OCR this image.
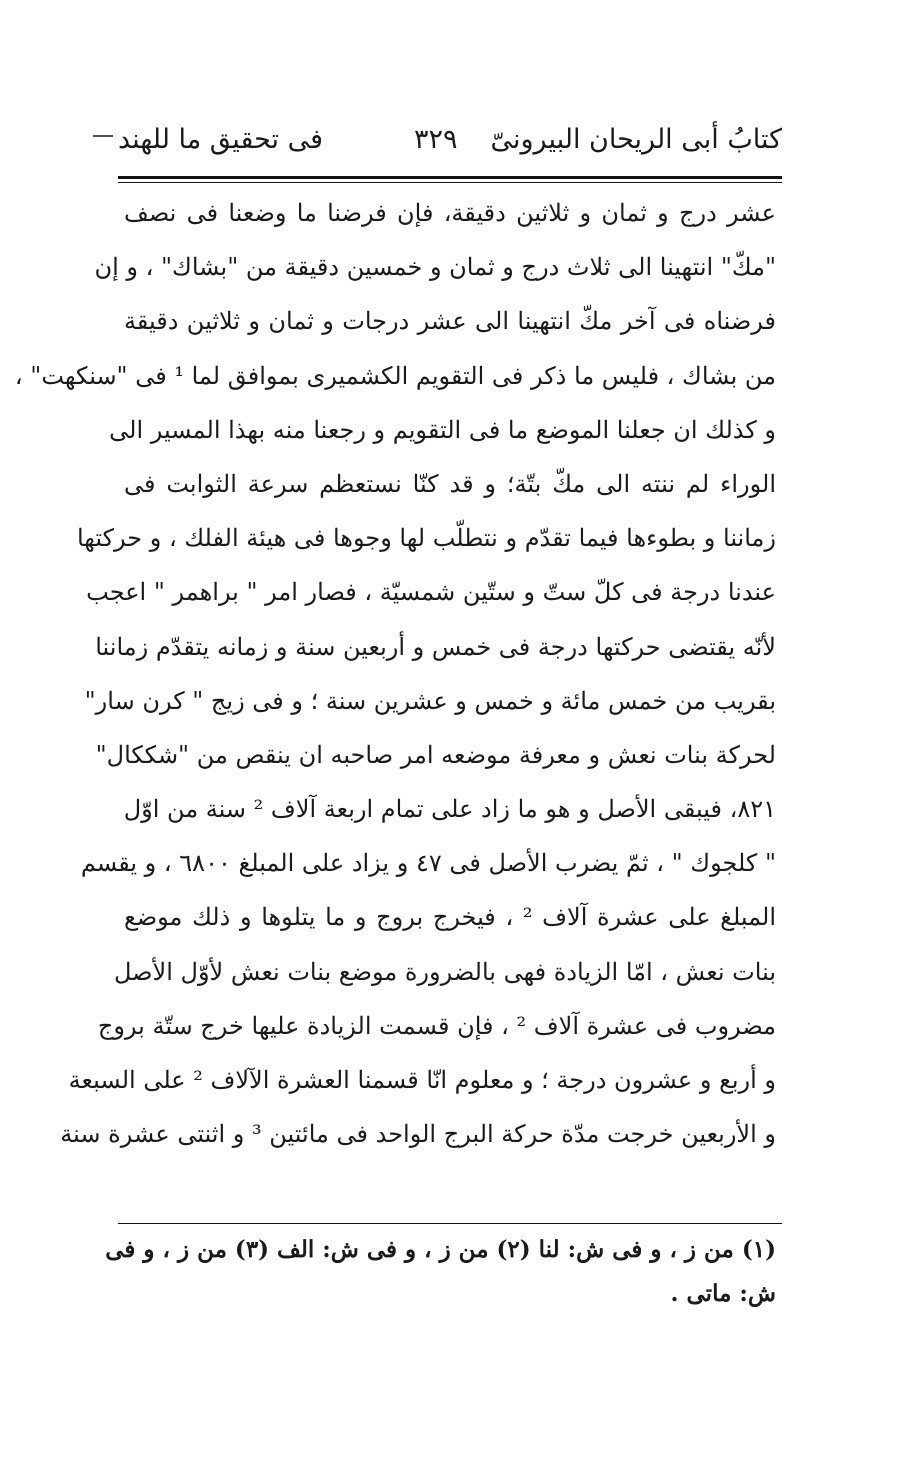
كتابُ أبى الريحان البيرونىّ
٣٢٩
فى تحقيق ما للهند
عشر درج و ثمان و ثلاثين دقيقة، فإن فرضنا ما وضعنا فى نصف
"مكّ" انتهينا الى ثلاث درج و ثمان و خمسين دقيقة من "بشاك" ، و إن
فرضناه فى آخر مكّ انتهينا الى عشر درجات و ثمان و ثلاثين دقيقة
من بشاك ، فليس ما ذكر فى التقويم الكشميرى بموافق لما ¹ فى "سنكهت" ،
و كذلك ان جعلنا الموضع ما فى التقويم و رجعنا منه بهذا المسير الى
الوراء لم ننته الى مكّ بتّة؛ و قد كنّا نستعظم سرعة الثوابت فى
زماننا و بطوءها فيما تقدّم و نتطلّب لها وجوها فى هيئة الفلك ، و حركتها
عندنا درجة فى كلّ ستّ و ستّين شمسيّة ، فصار امر " براهمر " اعجب
لأنّه يقتضى حركتها درجة فى خمس و أربعين سنة و زمانه يتقدّم زماننا
بقريب من خمس مائة و خمس و عشرين سنة ؛ و فى زيج " كرن سار"
لحركة بنات نعش و معرفة موضعه امر صاحبه ان ينقص من "شككال"
٨٢١، فيبقى الأصل و هو ما زاد على تمام اربعة آلاف ² سنة من اوّل
" كلجوك " ، ثمّ يضرب الأصل فى ٤٧ و يزاد على المبلغ ٦٨٠٠ ، و يقسم
المبلغ على عشرة آلاف ² ، فيخرج بروج و ما يتلوها و ذلك موضع
بنات نعش ، امّا الزيادة فهى بالضرورة موضع بنات نعش لأوّل الأصل
مضروب فى عشرة آلاف ² ، فإن قسمت الزيادة عليها خرج ستّة بروج
و أربع و عشرون درجة ؛ و معلوم انّا قسمنا العشرة الآلاف ² على السبعة
و الأربعين خرجت مدّة حركة البرج الواحد فى مائتين ³ و اثنتى عشرة سنة
(١) من ز ، و فى ش: لنا (٢) من ز ، و فى ش: الف (٣) من ز ، و فى
ش: ماتى .
